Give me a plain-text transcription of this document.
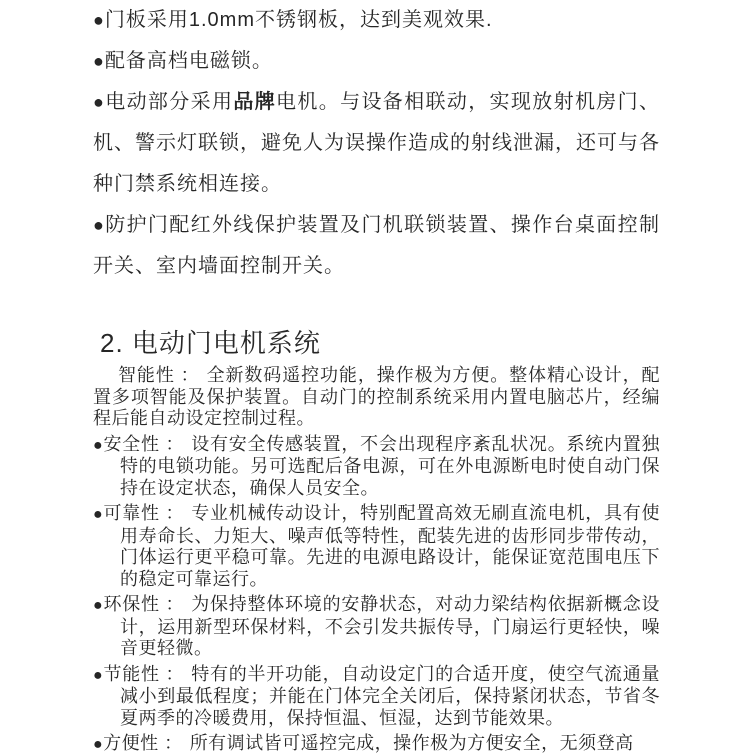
●门板采用1.0mm不锈钢板，达到美观效果.

●配备高档电磁锁。

●电动部分采用品牌电机。与设备相联动，实现放射机房门、机、警示灯联锁，避免人为误操作造成的射线泄漏，还可与各种门禁系统相连接。

●防护门配红外线保护装置及门机联锁装置、操作台桌面控制开关、室内墙面控制开关。

2. 电动门电机系统

智能性 ： 全新数码遥控功能，操作极为方便。整体精心设计，配置多项智能及保护装置。自动门的控制系统采用内置电脑芯片，经编程后能自动设定控制过程。

●安全性 ： 设有安全传感装置，不会出现程序紊乱状况。系统内置独特的电锁功能。另可选配后备电源，可在外电源断电时使自动门保持在设定状态，确保人员安全。

●可靠性 ： 专业机械传动设计，特别配置高效无刷直流电机，具有使用寿命长、力矩大、噪声低等特性，配装先进的齿形同步带传动，门体运行更平稳可靠。先进的电源电路设计，能保证宽范围电压下的稳定可靠运行。

●环保性 ： 为保持整体环境的安静状态，对动力梁结构依据新概念设计，运用新型环保材料，不会引发共振传导，门扇运行更轻快，噪音更轻微。

●节能性 ： 特有的半开功能，自动设定门的合适开度，使空气流通量减小到最低程度；并能在门体完全关闭后，保持紧闭状态，节省冬夏两季的冷暖费用，保持恒温、恒湿，达到节能效果。

●方便性 ： 所有调试皆可遥控完成，操作极为方便安全，无须登高
